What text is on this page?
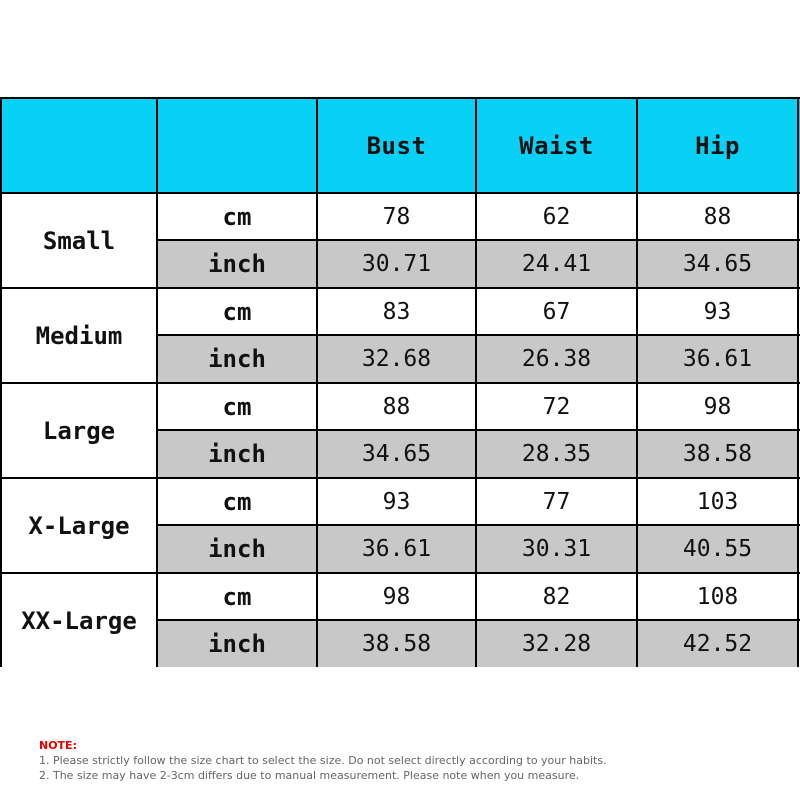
		Bust	Waist	Hip	
Small	cm	78	62	88	
	inch	30.71	24.41	34.65	
Medium	cm	83	67	93	
	inch	32.68	26.38	36.61	
Large	cm	88	72	98	
	inch	34.65	28.35	38.58	
X-Large	cm	93	77	103	
	inch	36.61	30.31	40.55	
XX-Large	cm	98	82	108	
	inch	38.58	32.28	42.52	
NOTE:
1. Please strictly follow the size chart to select the size. Do not select directly according to your habits.
2. The size may have 2-3cm differs due to manual measurement. Please note when you measure.
